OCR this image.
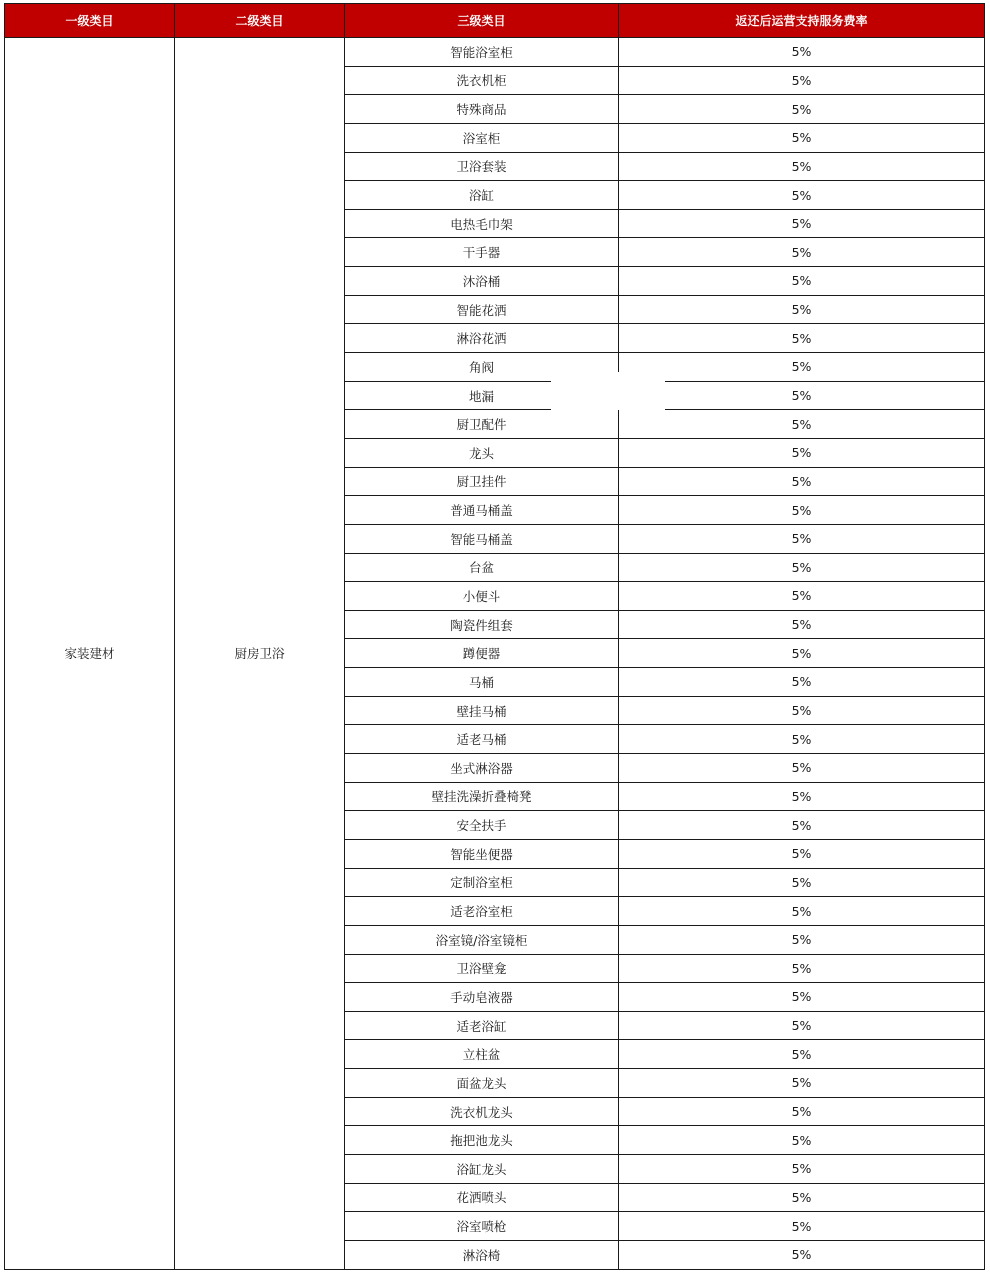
一级类目	二级类目	三级类目	返还后运营支持服务费率
家装建材	厨房卫浴	智能浴室柜	5%
		洗衣机柜	5%
		特殊商品	5%
		浴室柜	5%
		卫浴套装	5%
		浴缸	5%
		电热毛巾架	5%
		干手器	5%
		沐浴桶	5%
		智能花洒	5%
		淋浴花洒	5%
		角阀	5%
		地漏	5%
		厨卫配件	5%
		龙头	5%
		厨卫挂件	5%
		普通马桶盖	5%
		智能马桶盖	5%
		台盆	5%
		小便斗	5%
		陶瓷件组套	5%
		蹲便器	5%
		马桶	5%
		壁挂马桶	5%
		适老马桶	5%
		坐式淋浴器	5%
		壁挂洗澡折叠椅凳	5%
		安全扶手	5%
		智能坐便器	5%
		定制浴室柜	5%
		适老浴室柜	5%
		浴室镜/浴室镜柜	5%
		卫浴壁龛	5%
		手动皂液器	5%
		适老浴缸	5%
		立柱盆	5%
		面盆龙头	5%
		洗衣机龙头	5%
		拖把池龙头	5%
		浴缸龙头	5%
		花洒喷头	5%
		浴室喷枪	5%
		淋浴椅	5%
